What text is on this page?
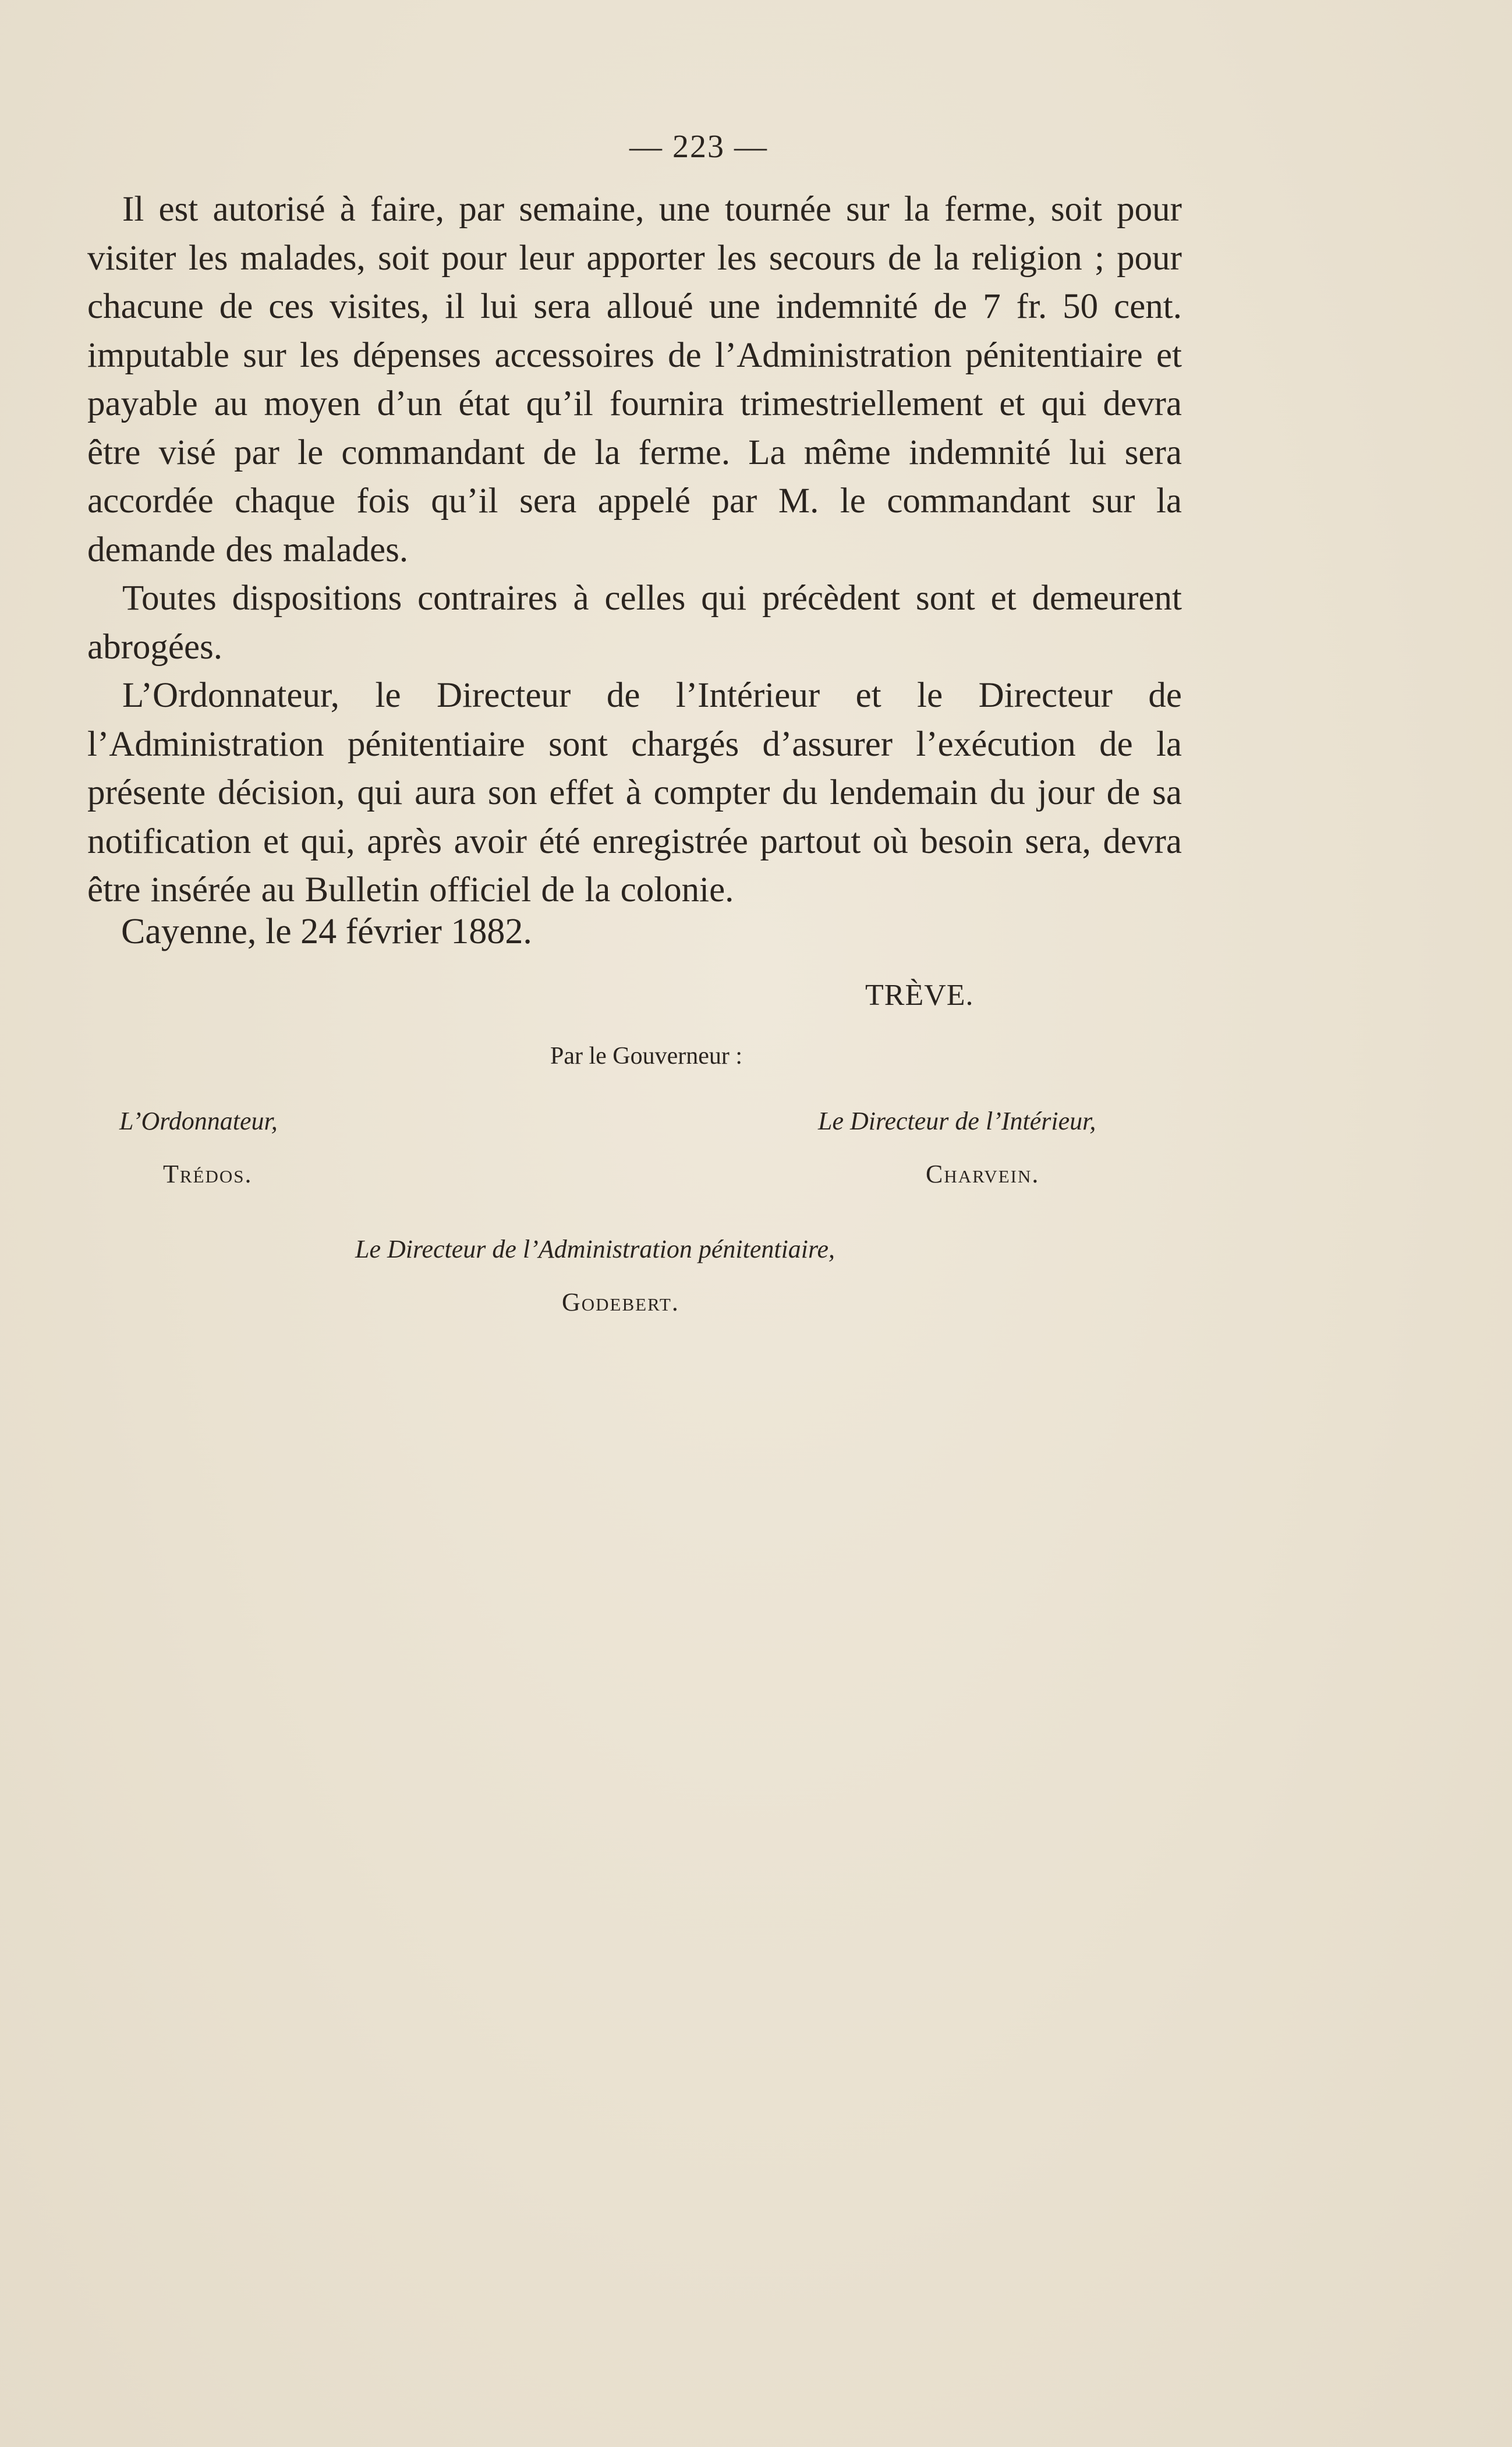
— 223 —

Il est autorisé à faire, par semaine, une tournée sur la ferme, soit pour visiter les malades, soit pour leur apporter les secours de la religion ; pour chacune de ces visites, il lui sera alloué une indemnité de 7 fr. 50 cent. imputable sur les dépenses accessoires de l’Administration pénitentiaire et payable au moyen d’un état qu’il fournira trimestriellement et qui devra être visé par le commandant de la ferme. La même indemnité lui sera accordée chaque fois qu’il sera appelé par M. le commandant sur la demande des malades.

Toutes dispositions contraires à celles qui précèdent sont et demeurent abrogées.

L’Ordonnateur, le Directeur de l’Intérieur et le Directeur de l’Administration pénitentiaire sont chargés d’assurer l’exécution de la présente décision, qui aura son effet à compter du lendemain du jour de sa notification et qui, après avoir été enregistrée partout où besoin sera, devra être insérée au Bulletin officiel de la colonie.

Cayenne, le 24 février 1882.
TRÈVE.
Par le Gouverneur :
L’Ordonnateur,
Trédos.
Le Directeur de l’Intérieur,
Charvein.
Le Directeur de l’Administration pénitentiaire,
Godebert.
